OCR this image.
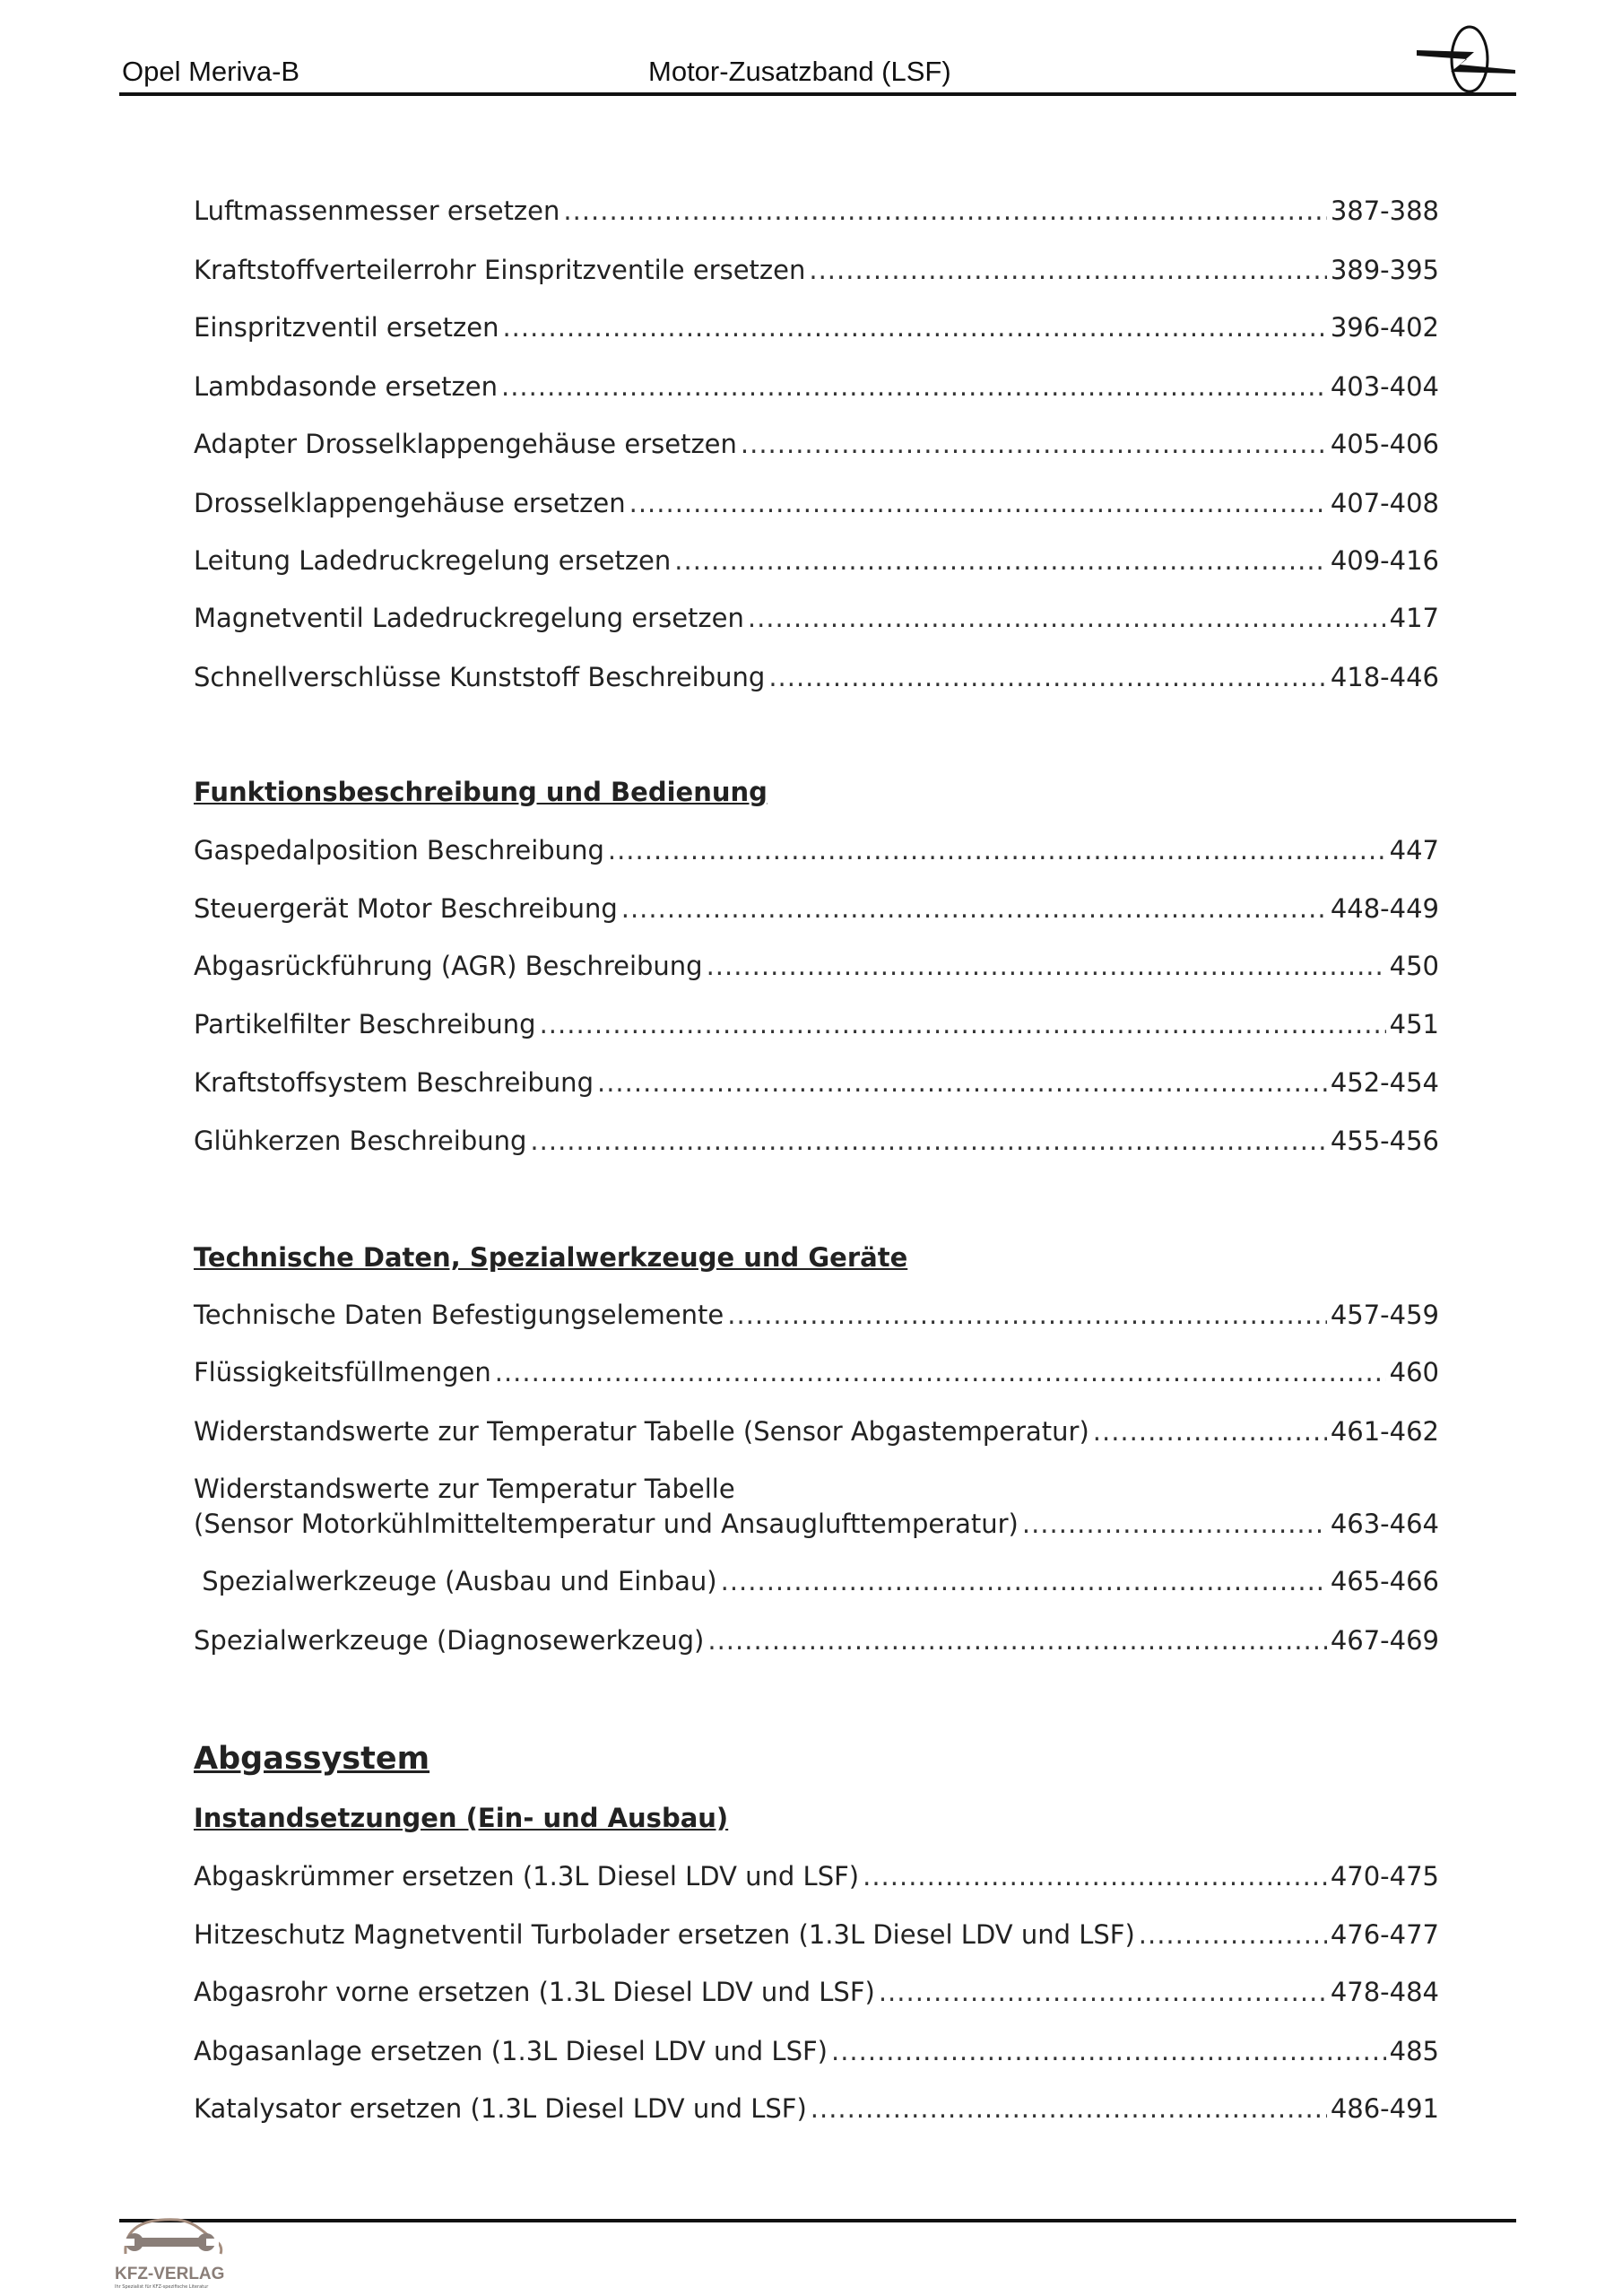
Opel Meriva-B	Motor-Zusatzband (LSF)
Luftmassenmesser ersetzen .....	387-388
Kraftstoffverteilerrohr Einspritzventile ersetzen .....	389-395
Einspritzventil ersetzen .....	396-402
Lambdasonde ersetzen .....	403-404
Adapter Drosselklappengehäuse ersetzen .....	405-406
Drosselklappengehäuse ersetzen .....	407-408
Leitung Ladedruckregelung ersetzen .....	409-416
Magnetventil Ladedruckregelung ersetzen .....	417
Schnellverschlüsse Kunststoff Beschreibung .....	418-446
Funktionsbeschreibung und Bedienung
Gaspedalposition Beschreibung .....	447
Steuergerät Motor Beschreibung .....	448-449
Abgasrückführung (AGR) Beschreibung .....	450
Partikelfilter Beschreibung .....	451
Kraftstoffsystem Beschreibung .....	452-454
Glühkerzen Beschreibung .....	455-456
Technische Daten, Spezialwerkzeuge und Geräte
Technische Daten Befestigungselemente .....	457-459
Flüssigkeitsfüllmengen .....	460
Widerstandswerte zur Temperatur Tabelle (Sensor Abgastemperatur) .....	461-462
Widerstandswerte zur Temperatur Tabelle
(Sensor Motorkühlmitteltemperatur und Ansauglufttemperatur) .....	463-464
Spezialwerkzeuge (Ausbau und Einbau) .....	465-466
Spezialwerkzeuge (Diagnosewerkzeug) .....	467-469
Abgassystem
Instandsetzungen (Ein- und Ausbau)
Abgaskrümmer ersetzen (1.3L Diesel LDV und LSF) .....	470-475
Hitzeschutz Magnetventil Turbolader ersetzen (1.3L Diesel LDV und LSF) .....	476-477
Abgasrohr vorne ersetzen (1.3L Diesel LDV und LSF) .....	478-484
Abgasanlage ersetzen (1.3L Diesel LDV und LSF) .....	485
Katalysator ersetzen (1.3L Diesel LDV und LSF) .....	486-491
KFZ-VERLAG
Ihr Spezialist für KFZ-spezifische Literatur
